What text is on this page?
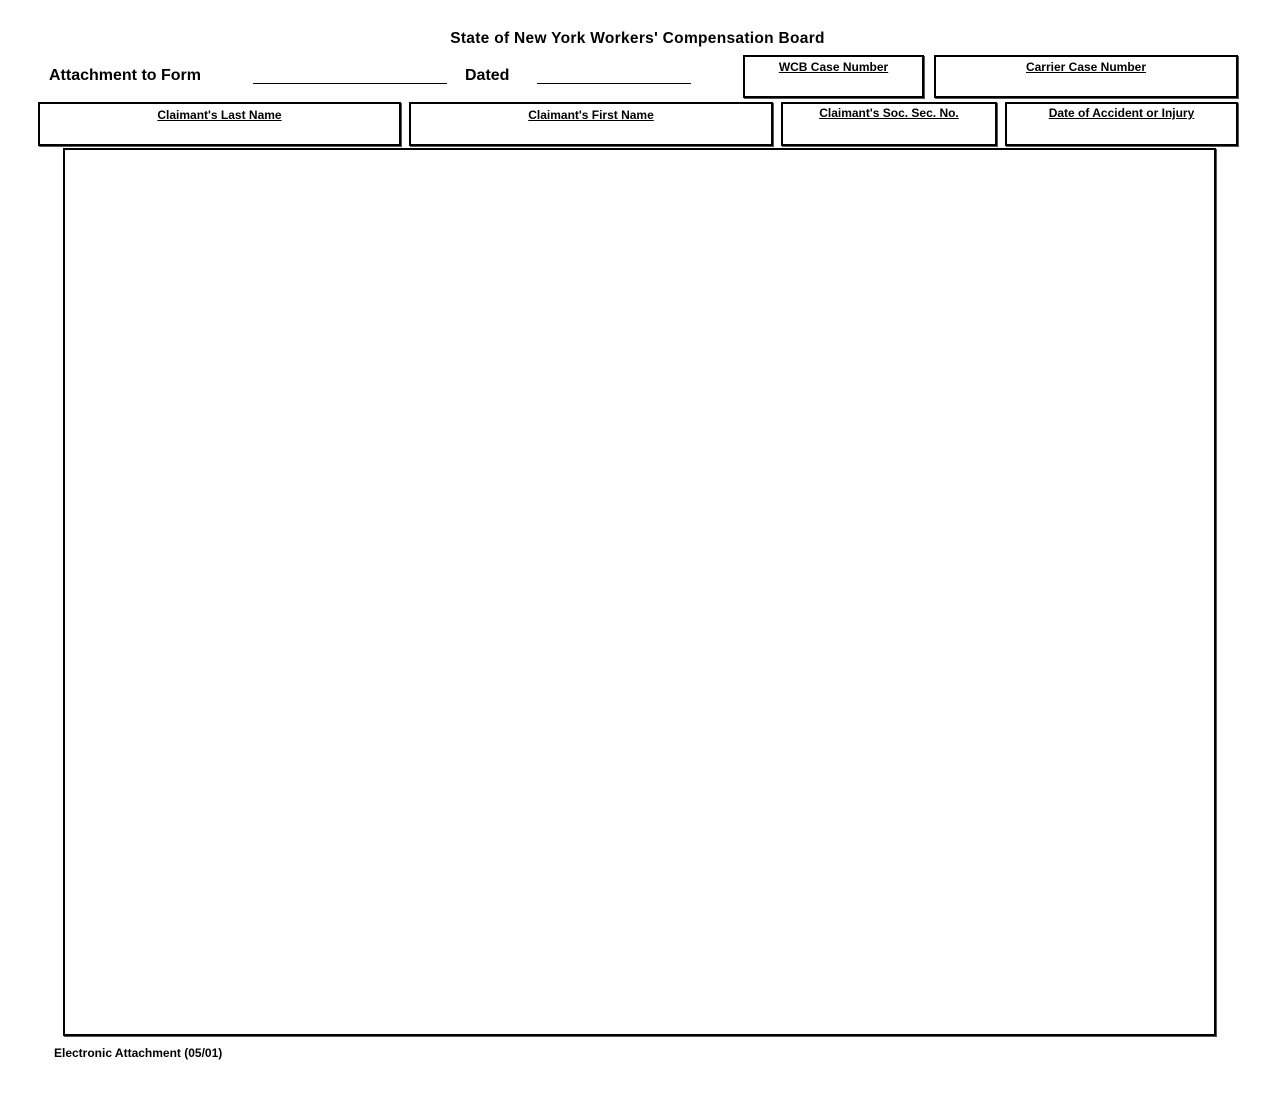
State of New York Workers' Compensation Board
Attachment to Form	Dated	WCB Case Number	Carrier Case Number
Claimant's Last Name	Claimant's First Name	Claimant's Soc. Sec. No.	Date of Accident or Injury
Electronic Attachment (05/01)
